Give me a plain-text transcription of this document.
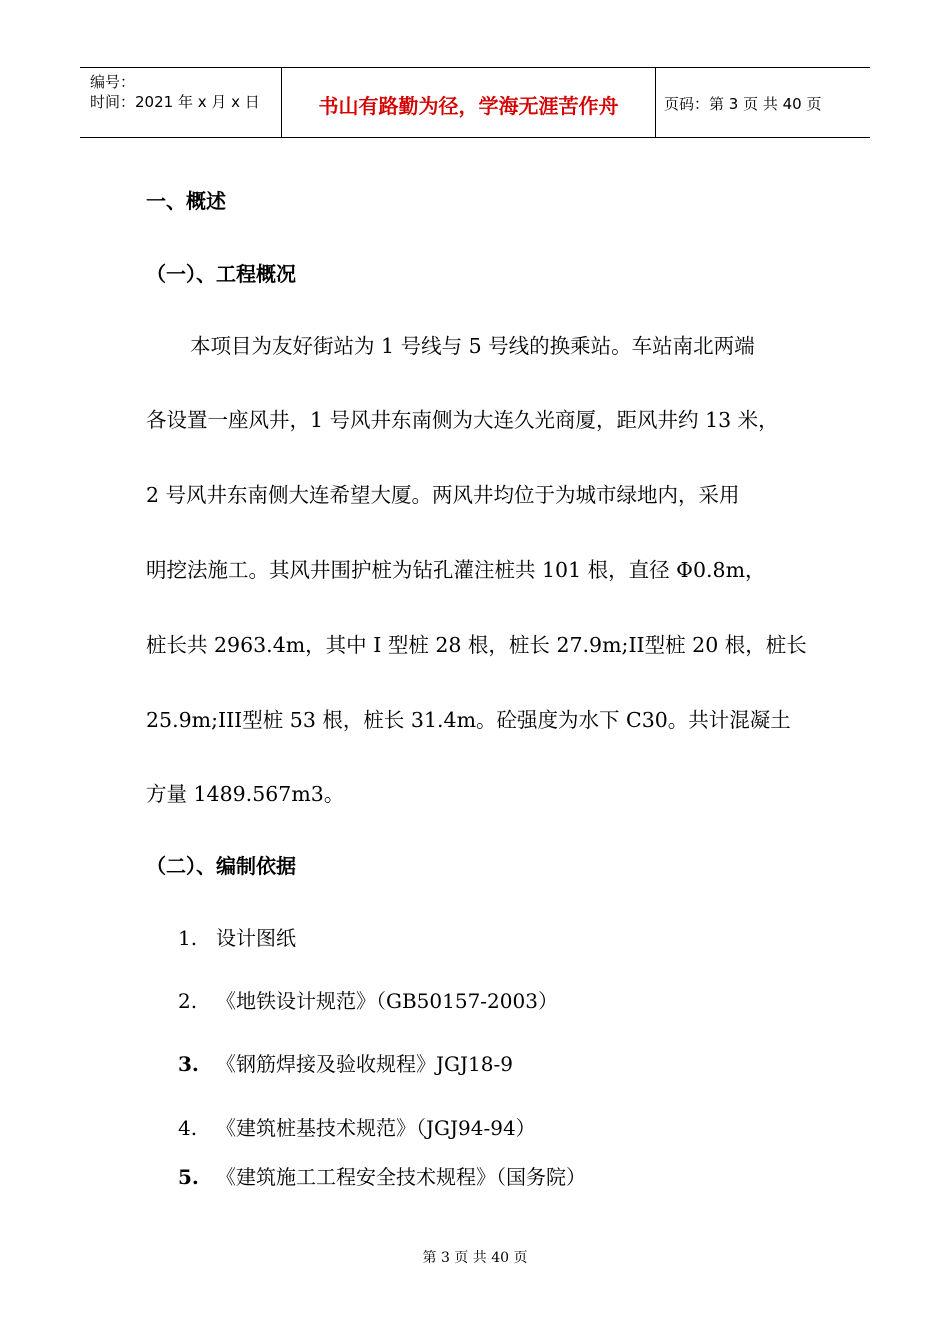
编号：
时间：2021 年 x 月 x 日	书山有路勤为径，学海无涯苦作舟	页码：第 3 页 共 40 页
一、概述
（一）、工程概况
本项目为友好街站为 1 号线与 5 号线的换乘站。车站南北两端
各设置一座风井，1 号风井东南侧为大连久光商厦，距风井约 13 米，
2 号风井东南侧大连希望大厦。两风井均位于为城市绿地内，采用
明挖法施工。其风井围护桩为钻孔灌注桩共 101 根，直径 Φ0.8m，
桩长共 2963.4m，其中 I 型桩 28 根，桩长 27.9m;II型桩 20 根，桩长
25.9m;III型桩 53 根，桩长 31.4m。砼强度为水下 C30。共计混凝土
方量 1489.567m3。
（二）、编制依据
1. 设计图纸
2. 《地铁设计规范》（GB50157-2003）
3. 《钢筋焊接及验收规程》JGJ18-9
4. 《建筑桩基技术规范》（JGJ94-94）
5. 《建筑施工工程安全技术规程》（国务院）
第 3 页 共 40 页
